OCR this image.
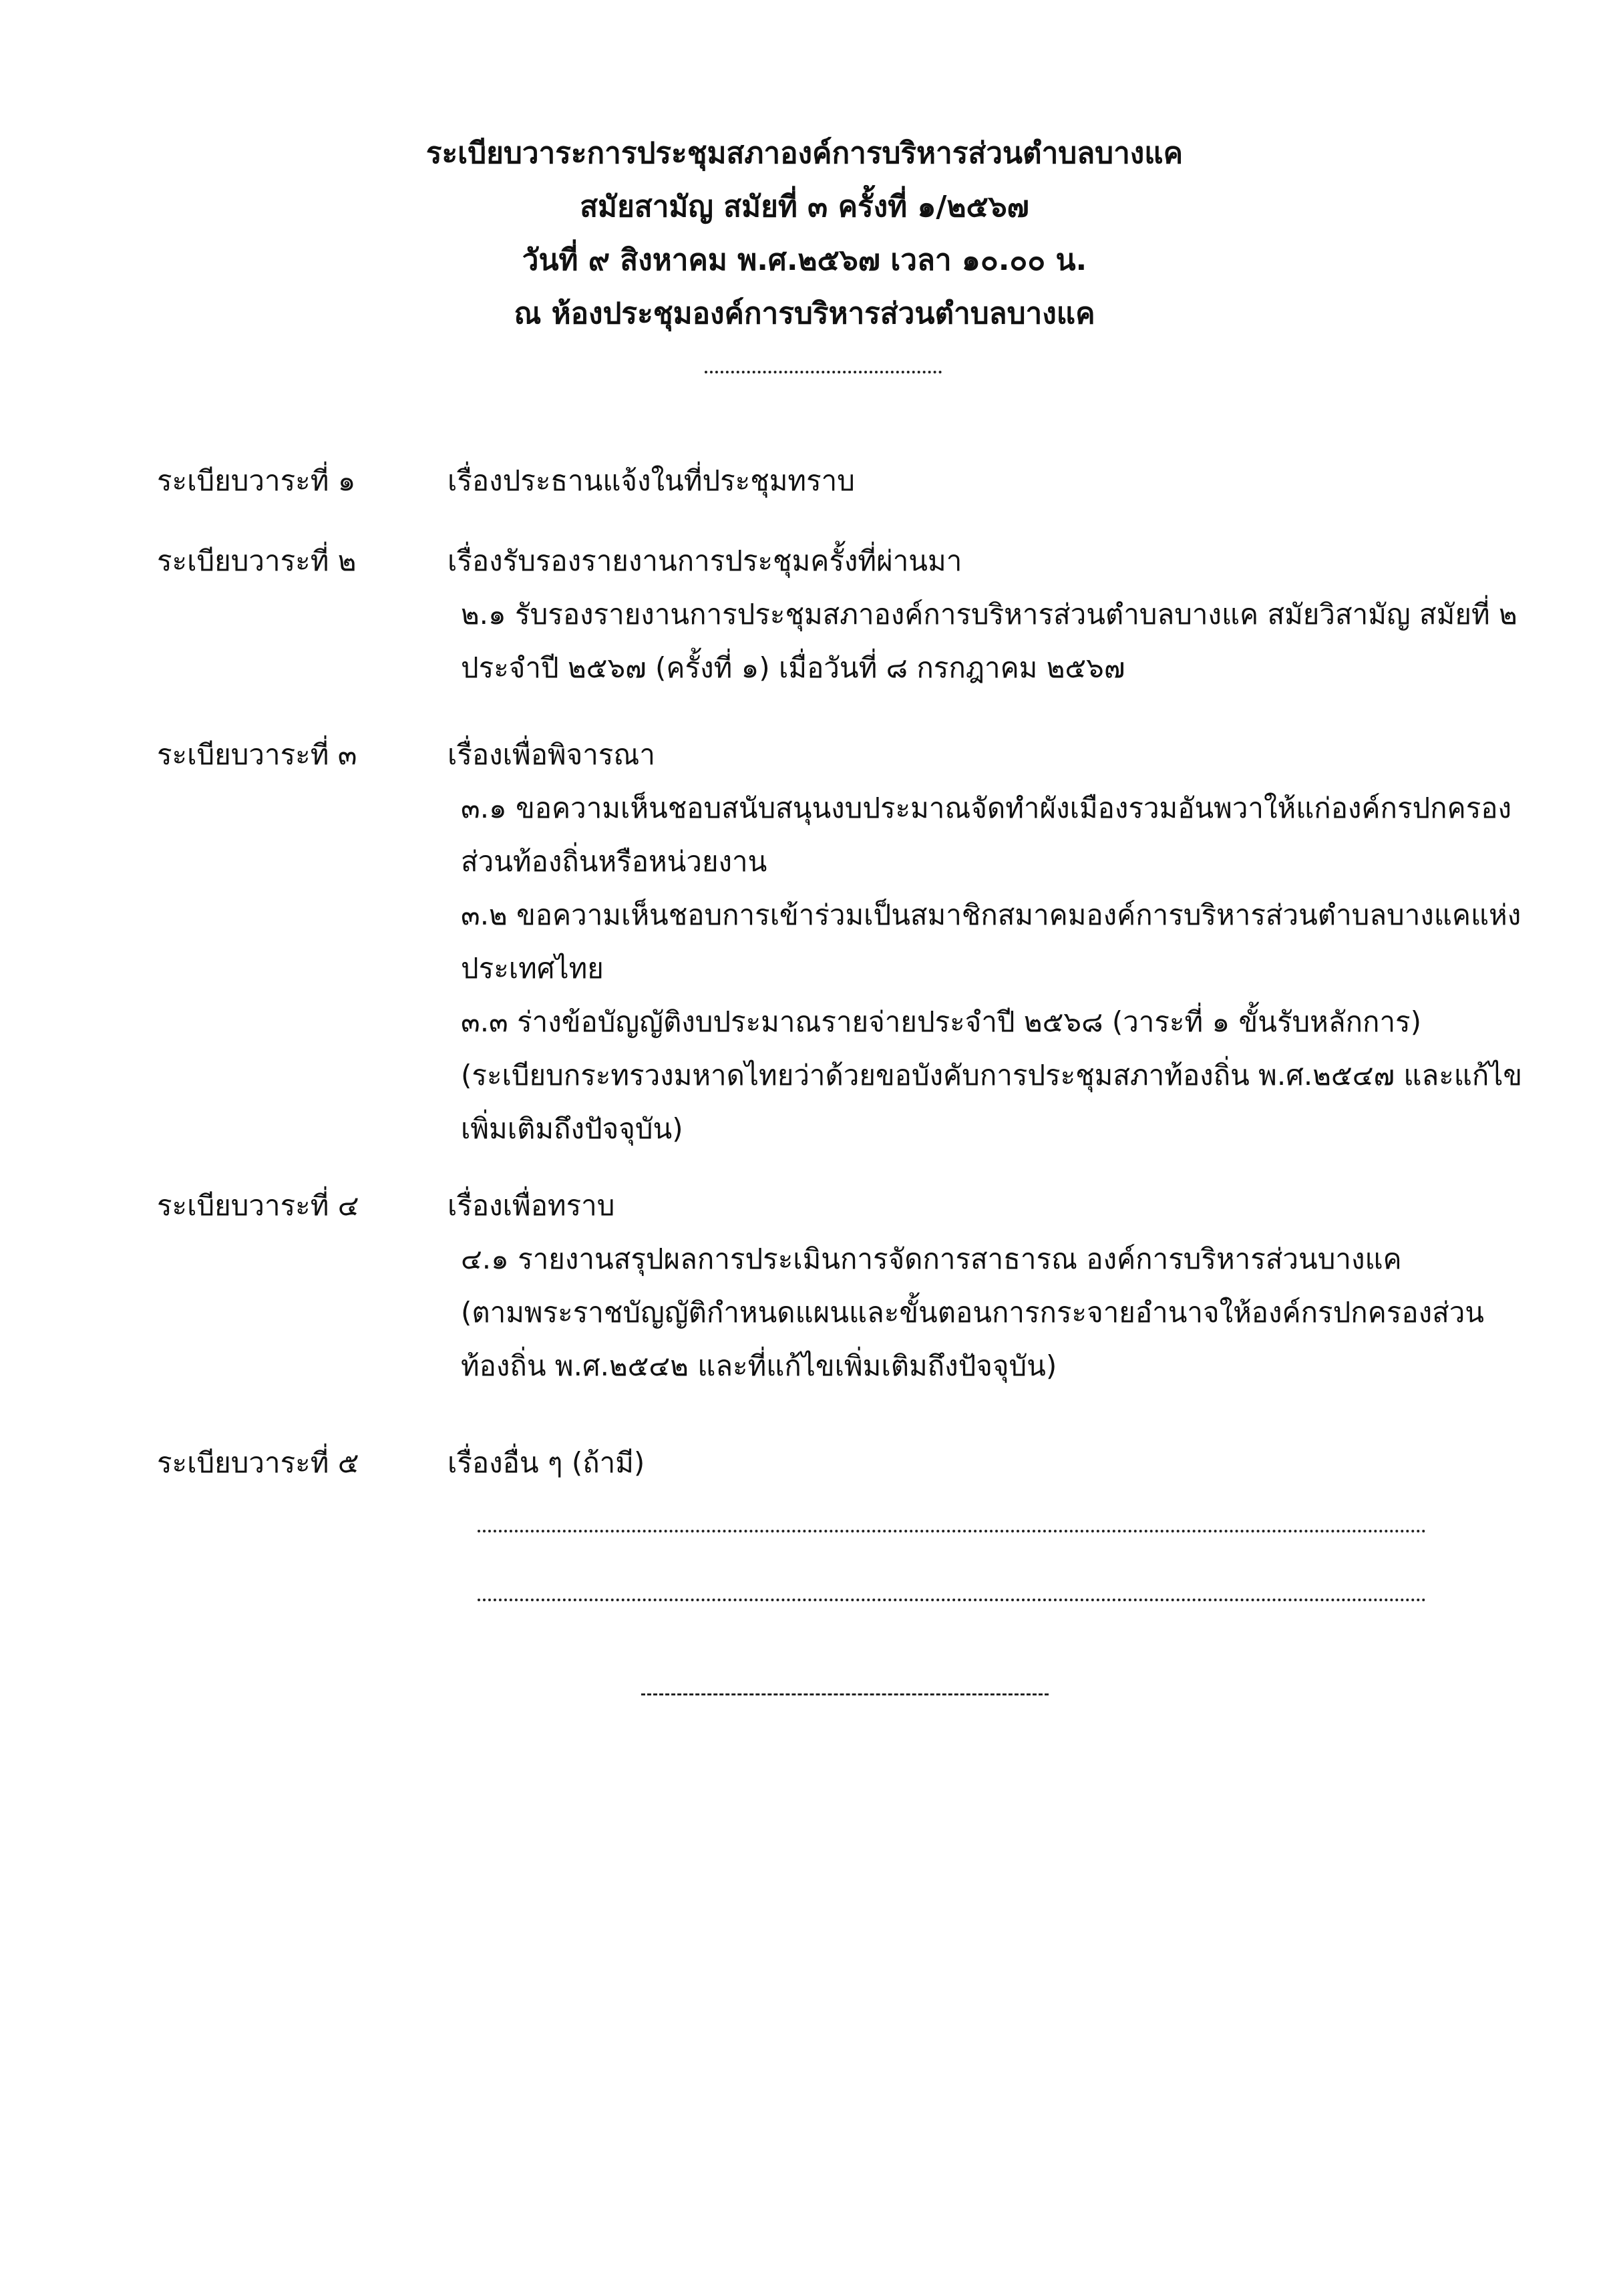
ระเบียบวาระการประชุมสภาองค์การบริหารส่วนตำบลบางแค
สมัยสามัญ สมัยที่ ๓ ครั้งที่ ๑/๒๕๖๗
วันที่ ๙ สิงหาคม พ.ศ.๒๕๖๗ เวลา ๑๐.๐๐ น.
ณ ห้องประชุมองค์การบริหารส่วนตำบลบางแค
ระเบียบวาระที่ ๑	เรื่องประธานแจ้งในที่ประชุมทราบ
ระเบียบวาระที่ ๒	เรื่องรับรองรายงานการประชุมครั้งที่ผ่านมา
๒.๑ รับรองรายงานการประชุมสภาองค์การบริหารส่วนตำบลบางแค สมัยวิสามัญ สมัยที่ ๒
ประจำปี ๒๕๖๗ (ครั้งที่ ๑) เมื่อวันที่ ๘ กรกฎาคม ๒๕๖๗
ระเบียบวาระที่ ๓	เรื่องเพื่อพิจารณา
๓.๑ ขอความเห็นชอบสนับสนุนงบประมาณจัดทำผังเมืองรวมอันพวาให้แก่องค์กรปกครอง
ส่วนท้องถิ่นหรือหน่วยงาน
๓.๒ ขอความเห็นชอบการเข้าร่วมเป็นสมาชิกสมาคมองค์การบริหารส่วนตำบลบางแคแห่ง
ประเทศไทย
๓.๓ ร่างข้อบัญญัติงบประมาณรายจ่ายประจำปี ๒๕๖๘ (วาระที่ ๑ ขั้นรับหลักการ)
(ระเบียบกระทรวงมหาดไทยว่าด้วยขอบังคับการประชุมสภาท้องถิ่น พ.ศ.๒๕๔๗ และแก้ไข
เพิ่มเติมถึงปัจจุบัน)
ระเบียบวาระที่ ๔	เรื่องเพื่อทราบ
๔.๑ รายงานสรุปผลการประเมินการจัดการสาธารณ องค์การบริหารส่วนบางแค
(ตามพระราชบัญญัติกำหนดแผนและขั้นตอนการกระจายอำนาจให้องค์กรปกครองส่วน
ท้องถิ่น พ.ศ.๒๕๔๒ และที่แก้ไขเพิ่มเติมถึงปัจจุบัน)
ระเบียบวาระที่ ๕	เรื่องอื่น ๆ (ถ้ามี)
